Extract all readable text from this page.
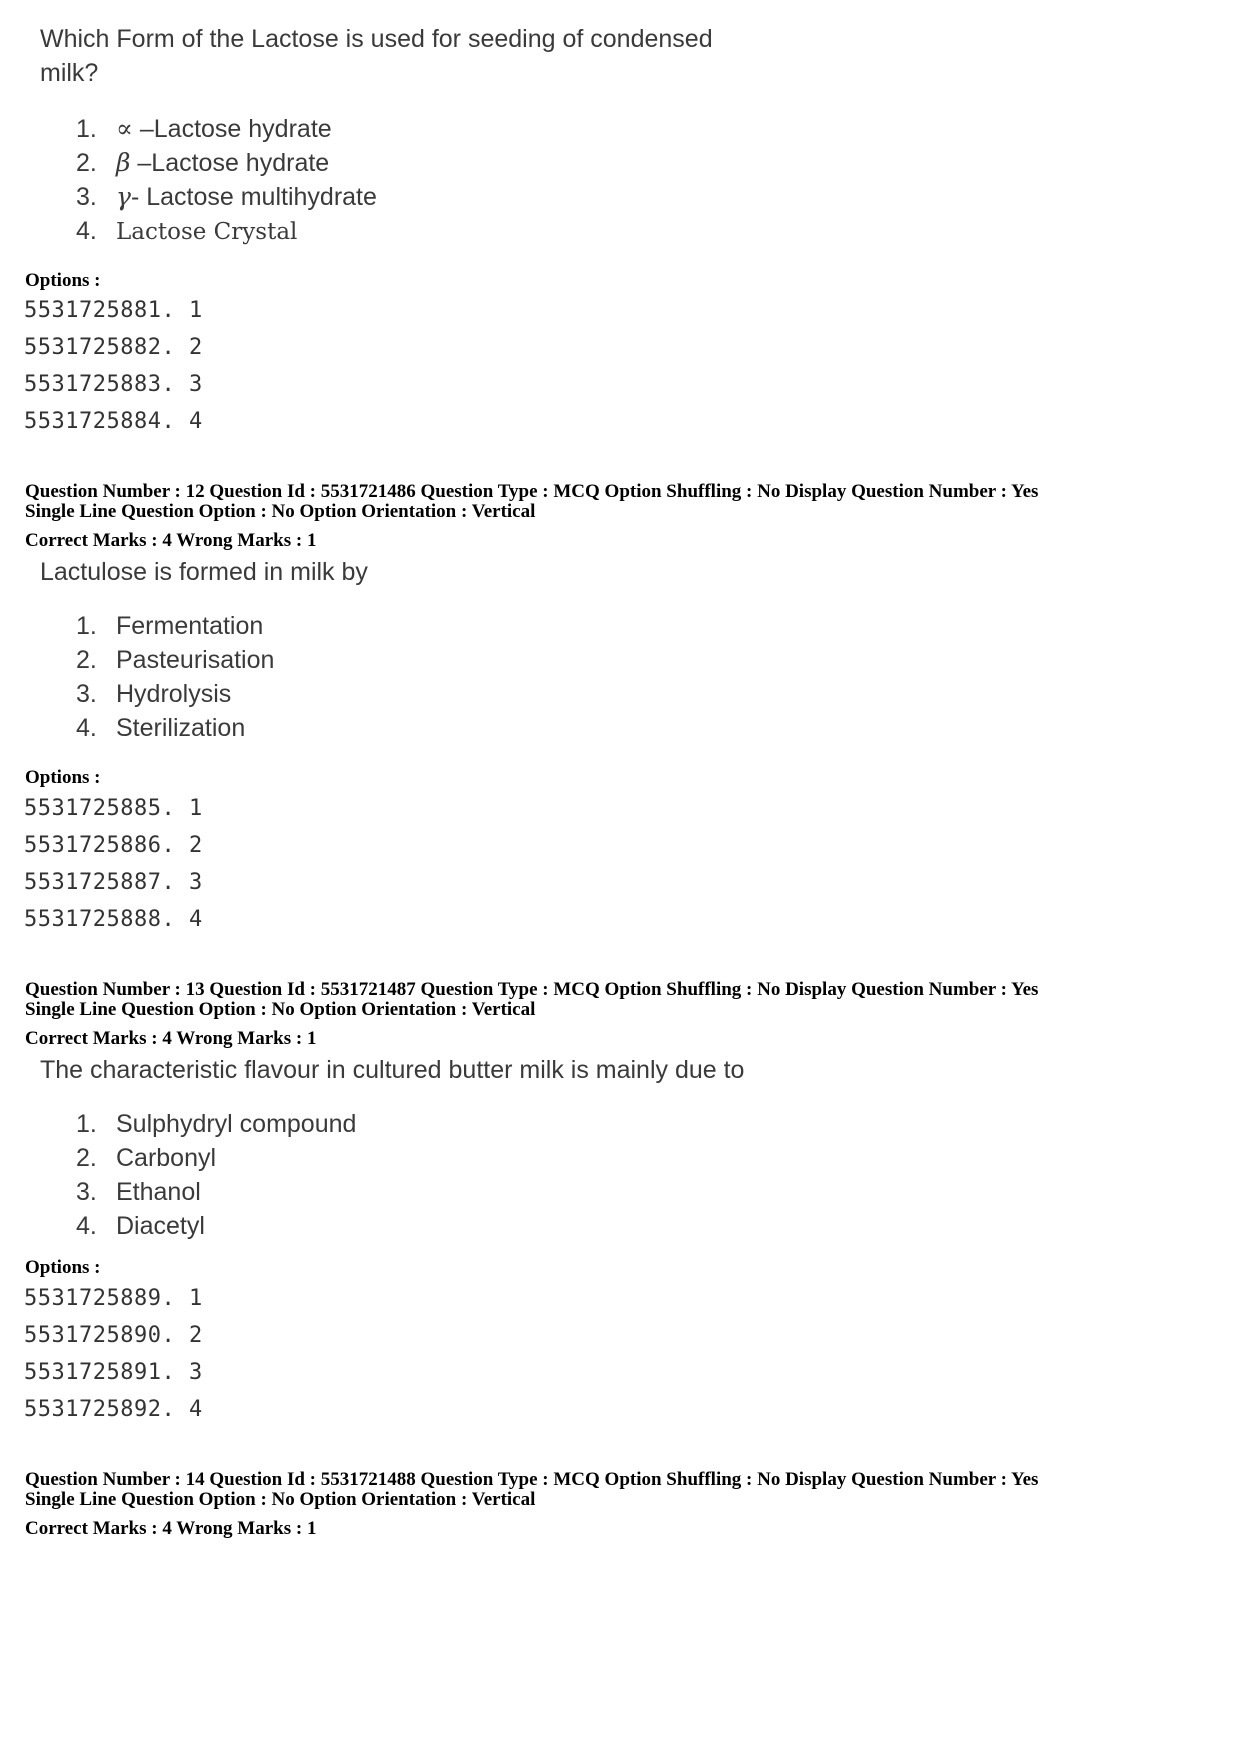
Which Form of the Lactose is used for seeding of condensed

milk?

1. ∝ –Lactose hydrate
2. β –Lactose hydrate
3. γ- Lactose multihydrate
4. Lactose Crystal
Options :
5531725881. 1
5531725882. 2
5531725883. 3
5531725884. 4
Question Number : 12 Question Id : 5531721486 Question Type : MCQ Option Shuffling : No Display Question Number : Yes
Single Line Question Option : No Option Orientation : Vertical
Correct Marks : 4 Wrong Marks : 1

Lactulose is formed in milk by

1. Fermentation
2. Pasteurisation
3. Hydrolysis
4. Sterilization
Options :
5531725885. 1
5531725886. 2
5531725887. 3
5531725888. 4
Question Number : 13 Question Id : 5531721487 Question Type : MCQ Option Shuffling : No Display Question Number : Yes
Single Line Question Option : No Option Orientation : Vertical
Correct Marks : 4 Wrong Marks : 1

The characteristic flavour in cultured butter milk is mainly due to

1. Sulphydryl compound
2. Carbonyl
3. Ethanol
4. Diacetyl
Options :
5531725889. 1
5531725890. 2
5531725891. 3
5531725892. 4
Question Number : 14 Question Id : 5531721488 Question Type : MCQ Option Shuffling : No Display Question Number : Yes
Single Line Question Option : No Option Orientation : Vertical
Correct Marks : 4 Wrong Marks : 1
